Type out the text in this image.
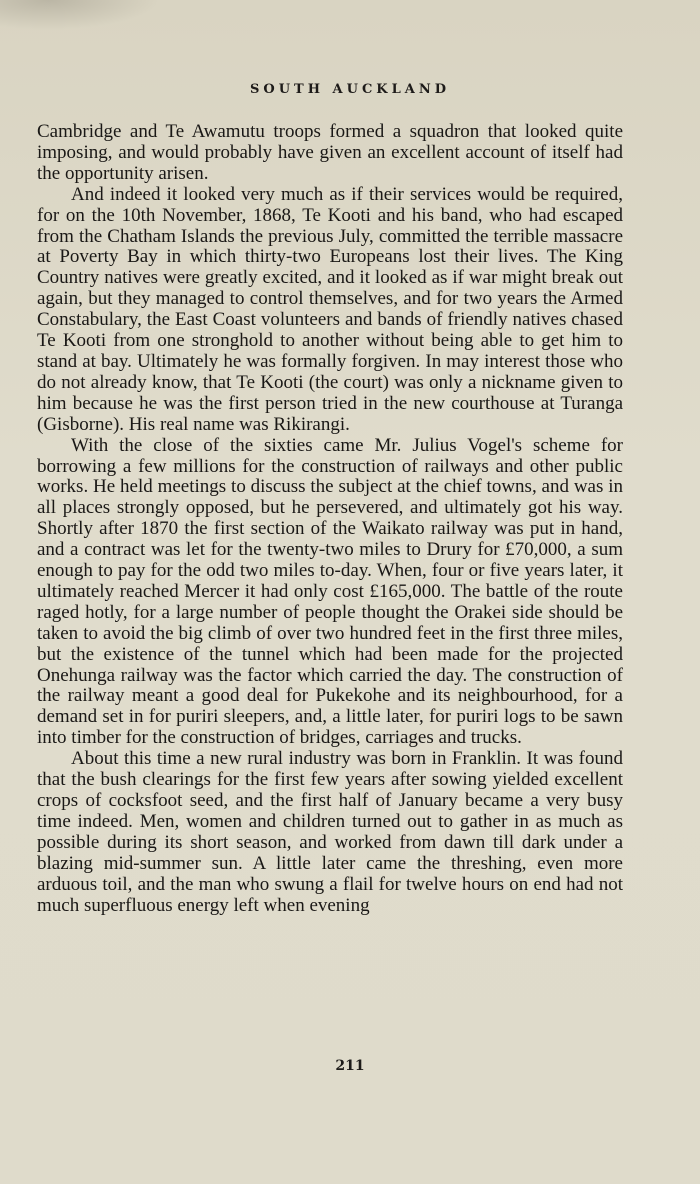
SOUTH AUCKLAND

Cambridge and Te Awamutu troops formed a squadron that looked quite imposing, and would probably have given an excellent account of itself had the opportunity arisen.

And indeed it looked very much as if their services would be required, for on the 10th November, 1868, Te Kooti and his band, who had escaped from the Chatham Islands the previous July, committed the terrible massacre at Poverty Bay in which thirty-two Europeans lost their lives. The King Country natives were greatly excited, and it looked as if war might break out again, but they managed to control themselves, and for two years the Armed Constabulary, the East Coast volunteers and bands of friendly natives chased Te Kooti from one stronghold to another without being able to get him to stand at bay. Ultimately he was formally forgiven. In may interest those who do not already know, that Te Kooti (the court) was only a nickname given to him because he was the first person tried in the new courthouse at Turanga (Gisborne). His real name was Rikirangi.

With the close of the sixties came Mr. Julius Vogel's scheme for borrowing a few millions for the construction of railways and other public works. He held meetings to discuss the subject at the chief towns, and was in all places strongly opposed, but he persevered, and ultimately got his way. Shortly after 1870 the first section of the Waikato railway was put in hand, and a contract was let for the twenty-two miles to Drury for £70,000, a sum enough to pay for the odd two miles to-day. When, four or five years later, it ultimately reached Mercer it had only cost £165,000. The battle of the route raged hotly, for a large number of people thought the Orakei side should be taken to avoid the big climb of over two hundred feet in the first three miles, but the existence of the tunnel which had been made for the projected Onehunga railway was the factor which carried the day. The construction of the railway meant a good deal for Pukekohe and its neighbourhood, for a demand set in for puriri sleepers, and, a little later, for puriri logs to be sawn into timber for the construction of bridges, carriages and trucks.

About this time a new rural industry was born in Franklin. It was found that the bush clearings for the first few years after sowing yielded excellent crops of cocksfoot seed, and the first half of January became a very busy time indeed. Men, women and children turned out to gather in as much as possible during its short season, and worked from dawn till dark under a blazing mid-summer sun. A little later came the threshing, even more arduous toil, and the man who swung a flail for twelve hours on end had not much superfluous energy left when evening

211
